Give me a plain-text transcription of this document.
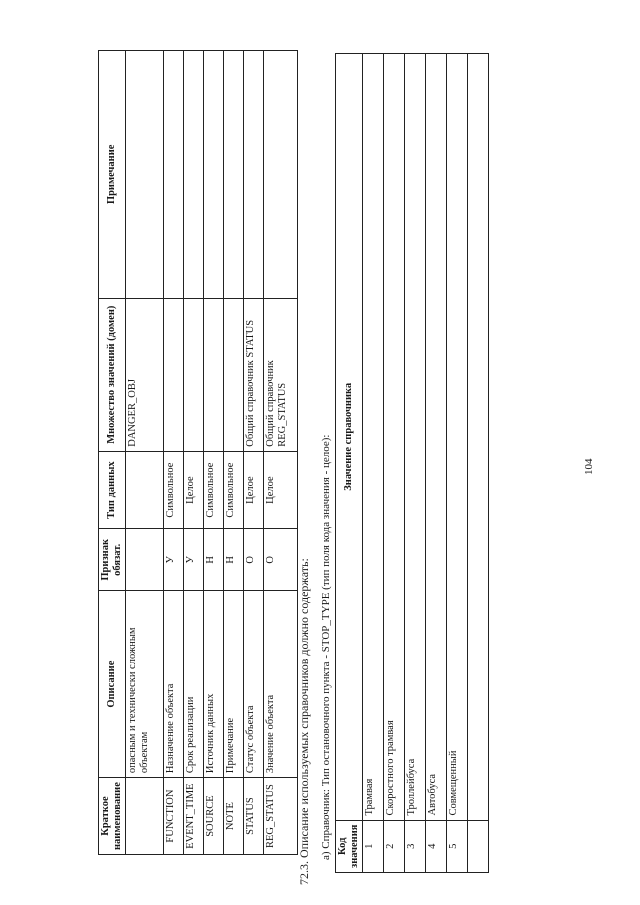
104
Краткое наименование	Описание	Признак обязат.	Тип данных	Множество значений (домен)	Примечание
	опасным и технически сложным объектам			DANGER_OBJ	
FUNCTION	Назначение объекта	У	Символьное		
EVENT_TIME	Срок реализации	У	Целое		
SOURCE	Источник данных	Н	Символьное		
NOTE	Примечание	Н	Символьное		
STATUS	Статус объекта	О	Целое	Общий справочник STATUS	
REG_STATUS	Значение объекта	О	Целое	Общий справочник REG_STATUS	
72.3. Описание используемых справочников должно содержать: а) Справочник: Тип остановочного пункта - STOP_TYPE (тип поля кода значения - целое): Код значения	Значение справочника
1	Трамвая
2	Скоростного трамвая
3	Троллейбуса
4	Автобуса
5	Совмещенный
